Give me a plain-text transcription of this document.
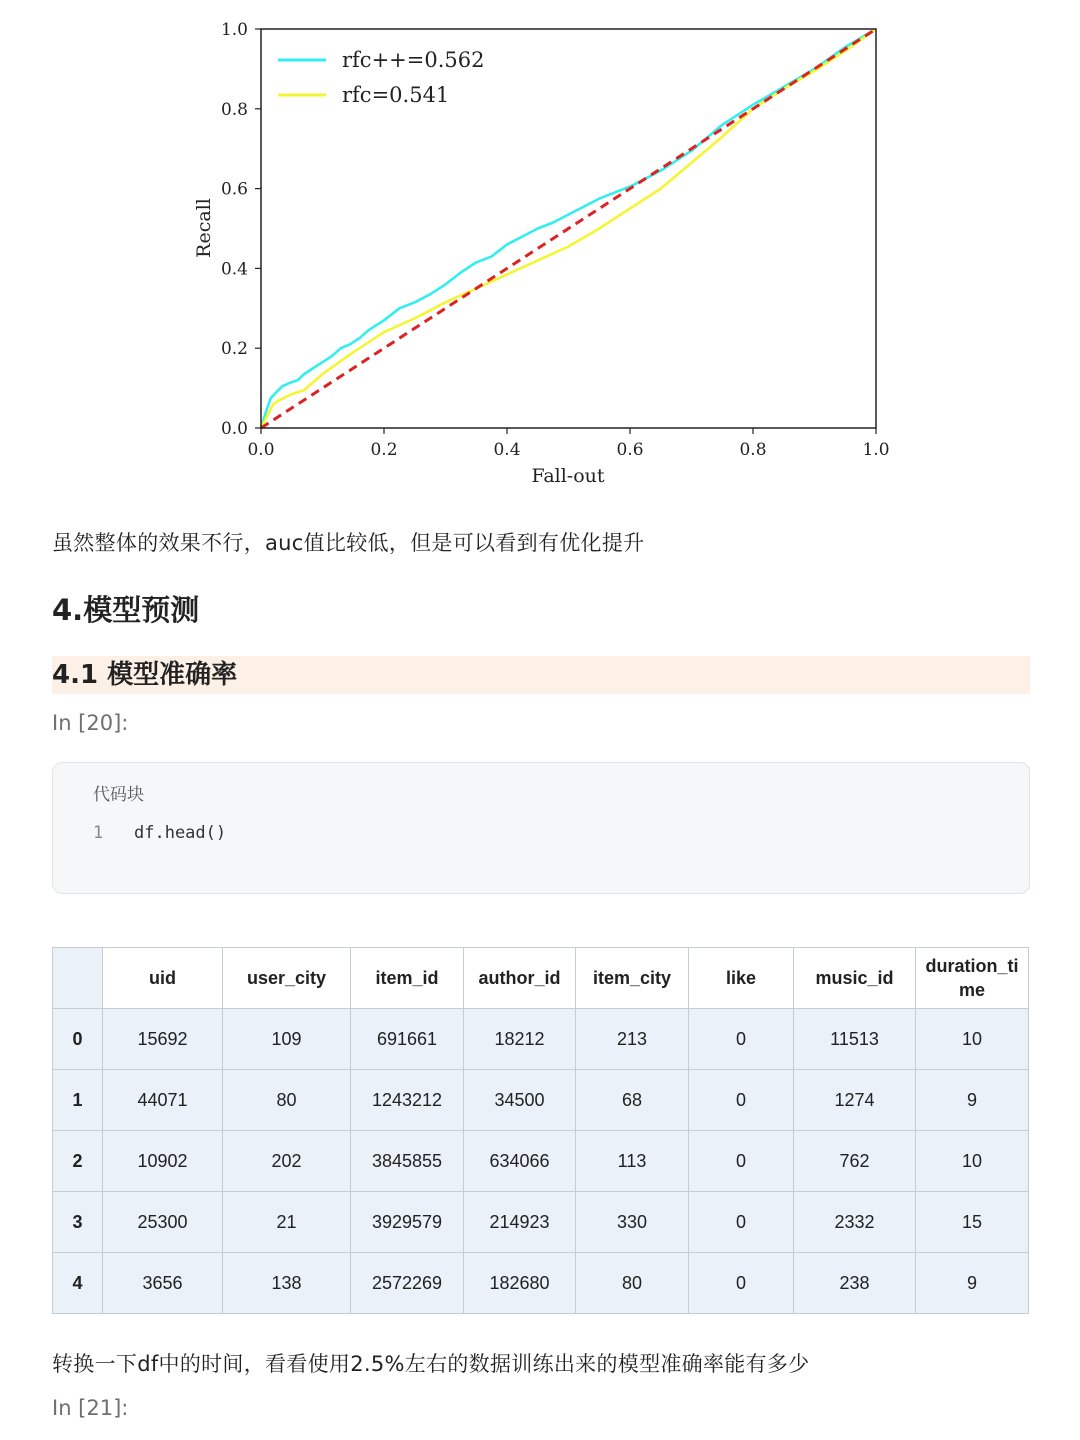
0.0	0.2	0.4	0.6	0.8	1.0
0.0
0.2
0.4
0.6
0.8
1.0
Fall-out
Recall
rfc++=0.562
rfc=0.541
虽然整体的效果不行，auc值比较低，但是可以看到有优化提升
4.模型预测
4.1 模型准确率
In [20]:
代码块
1 df.head()
	uid	user_city	item_id	author_id	item_city	like	music_id	duration_time
0	15692	109	691661	18212	213	0	11513	10
1	44071	80	1243212	34500	68	0	1274	9
2	10902	202	3845855	634066	113	0	762	10
3	25300	21	3929579	214923	330	0	2332	15
4	3656	138	2572269	182680	80	0	238	9
转换一下df中的时间，看看使用2.5%左右的数据训练出来的模型准确率能有多少
In [21]:
